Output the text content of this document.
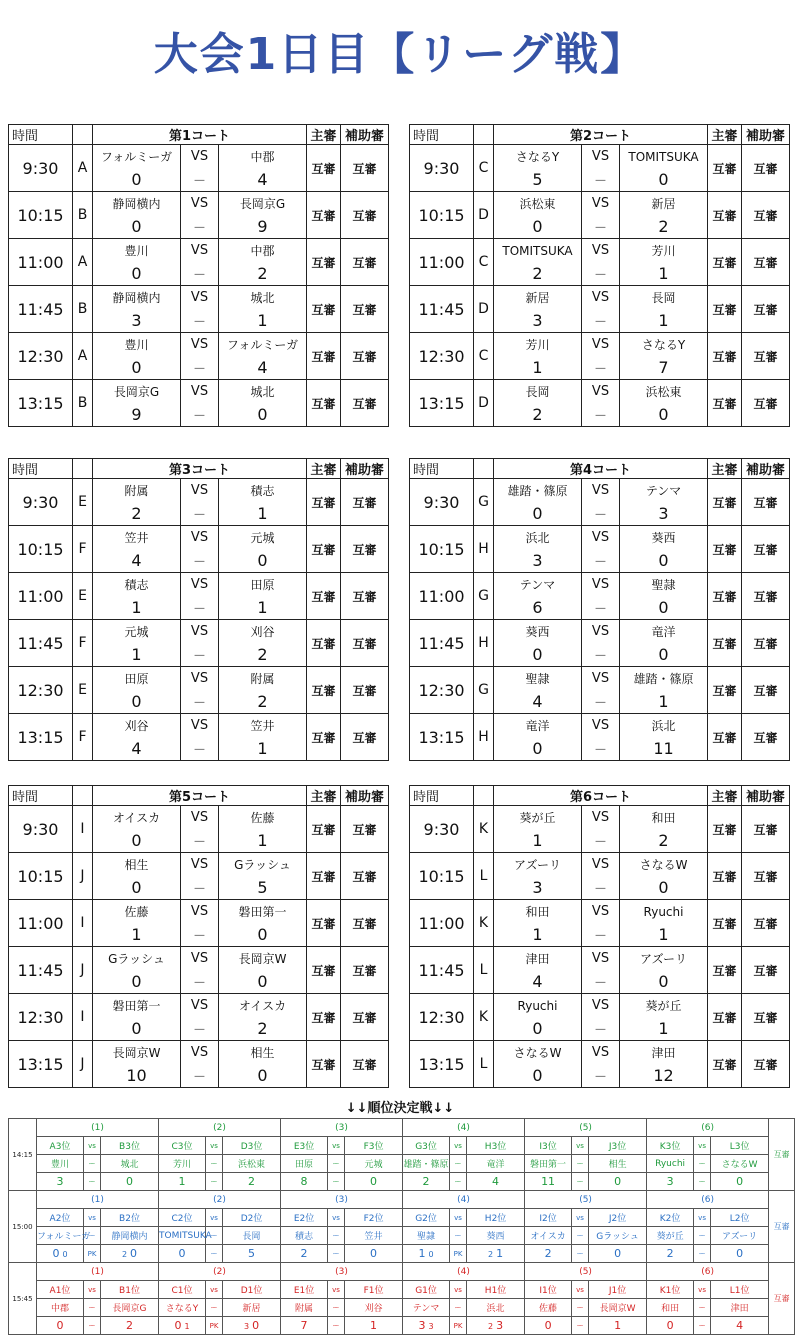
大会1日目【リーグ戦】
時間		第1コート			主審	補助審
9:30	A	フォルミーガ	VS	中郡	互審	互審
		0	－	4		
10:15	B	静岡横内	VS	長岡京G	互審	互審
		0	－	9		
11:00	A	豊川	VS	中郡	互審	互審
		0	－	2		
11:45	B	静岡横内	VS	城北	互審	互審
		3	－	1		
12:30	A	豊川	VS	フォルミーガ	互審	互審
		0	－	4		
13:15	B	長岡京G	VS	城北	互審	互審
		9	－	0		
時間		第2コート			主審	補助審
9:30	C	さなるY	VS	TOMITSUKA	互審	互審
		5	－	0		
10:15	D	浜松東	VS	新居	互審	互審
		0	－	2		
11:00	C	TOMITSUKA	VS	芳川	互審	互審
		2	－	1		
11:45	D	新居	VS	長岡	互審	互審
		3	－	1		
12:30	C	芳川	VS	さなるY	互審	互審
		1	－	7		
13:15	D	長岡	VS	浜松東	互審	互審
		2	－	0		
時間		第3コート			主審	補助審
9:30	E	附属	VS	積志	互審	互審
		2	－	1		
10:15	F	笠井	VS	元城	互審	互審
		4	－	0		
11:00	E	積志	VS	田原	互審	互審
		1	－	1		
11:45	F	元城	VS	刈谷	互審	互審
		1	－	2		
12:30	E	田原	VS	附属	互審	互審
		0	－	2		
13:15	F	刈谷	VS	笠井	互審	互審
		4	－	1		
時間		第4コート			主審	補助審
9:30	G	雄踏・篠原	VS	テンマ	互審	互審
		0	－	3		
10:15	H	浜北	VS	葵西	互審	互審
		3	－	0		
11:00	G	テンマ	VS	聖隷	互審	互審
		6	－	0		
11:45	H	葵西	VS	竜洋	互審	互審
		0	－	0		
12:30	G	聖隷	VS	雄踏・篠原	互審	互審
		4	－	1		
13:15	H	竜洋	VS	浜北	互審	互審
		0	－	11		
時間		第5コート			主審	補助審
9:30	I	オイスカ	VS	佐藤	互審	互審
		0	－	1		
10:15	J	相生	VS	Gラッシュ	互審	互審
		0	－	5		
11:00	I	佐藤	VS	磐田第一	互審	互審
		1	－	0		
11:45	J	Gラッシュ	VS	長岡京W	互審	互審
		0	－	0		
12:30	I	磐田第一	VS	オイスカ	互審	互審
		0	－	2		
13:15	J	長岡京W	VS	相生	互審	互審
		10	－	0		
時間		第6コート			主審	補助審
9:30	K	葵が丘	VS	和田	互審	互審
		1	－	2		
10:15	L	アズーリ	VS	さなるW	互審	互審
		3	－	0		
11:00	K	和田	VS	Ryuchi	互審	互審
		1	－	1		
11:45	L	津田	VS	アズーリ	互審	互審
		4	－	0		
12:30	K	Ryuchi	VS	葵が丘	互審	互審
		0	－	1		
13:15	L	さなるW	VS	津田	互審	互審
		0	－	12		
↓↓順位決定戦↓↓
14:15	(1)			(2)			(3)			(4)			(5)			(6)			互審
	A3位	vs	B3位	C3位	vs	D3位	E3位	vs	F3位	G3位	vs	H3位	I3位	vs	J3位	K3位	vs	L3位	
	豊川	ー	城北	芳川	ー	浜松東	田原	ー	元城	雄踏・篠原	ー	竜洋	磐田第一	ー	相生	Ryuchi	ー	さなるW	
	3	ー	0	1	ー	2	8	ー	0	2	ー	4	11	ー	0	3	ー	0	
15:00	(1)			(2)			(3)			(4)			(5)			(6)			互審
	A2位	vs	B2位	C2位	vs	D2位	E2位	vs	F2位	G2位	vs	H2位	I2位	vs	J2位	K2位	vs	L2位	
	フォルミーガ	ー	静岡横内	TOMITSUKA	ー	長岡	積志	ー	笠井	聖隷	ー	葵西	オイスカ	ー	Gラッシュ	葵が丘	ー	アズーリ	
	0 0	PK	2 0	0	ー	5	2	ー	0	1 0	PK	2 1	2	ー	0	2	ー	0	
15:45	(1)			(2)			(3)			(4)			(5)			(6)			互審
	A1位	vs	B1位	C1位	vs	D1位	E1位	vs	F1位	G1位	vs	H1位	I1位	vs	J1位	K1位	vs	L1位	
	中郡	ー	長岡京G	さなるY	ー	新居	附属	ー	刈谷	テンマ	ー	浜北	佐藤	ー	長岡京W	和田	ー	津田	
	0	ー	2	0 1	PK	3 0	7	ー	1	3 3	PK	2 3	0	ー	1	0	ー	4	
